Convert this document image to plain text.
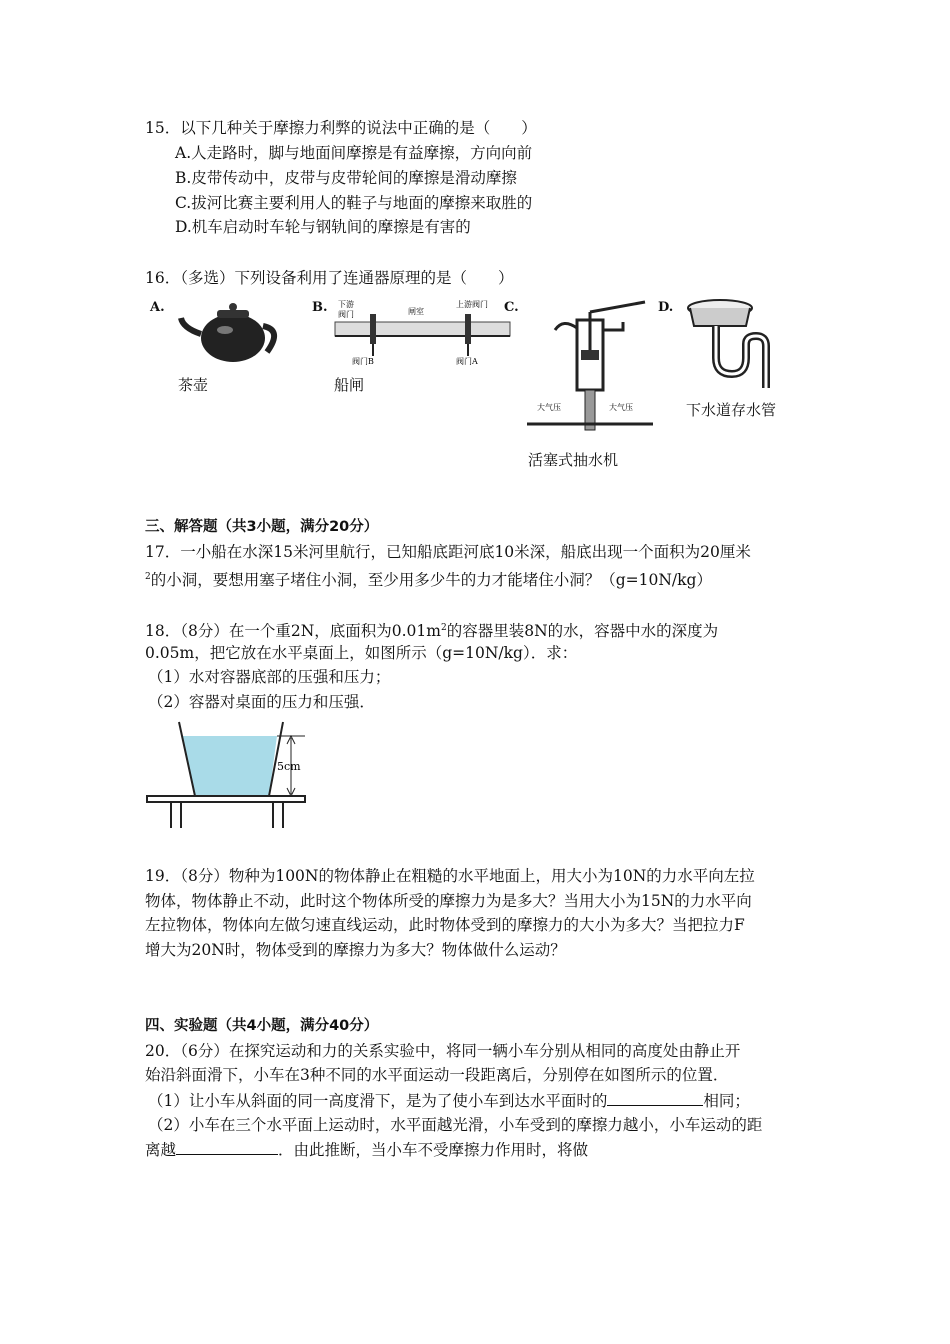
15．以下几种关于摩擦力利弊的说法中正确的是（　　）
A.人走路时，脚与地面间摩擦是有益摩擦，方向向前
B.皮带传动中，皮带与皮带轮间的摩擦是滑动摩擦
C.拔河比赛主要利用人的鞋子与地面的摩擦来取胜的
D.机车启动时车轮与钢轨间的摩擦是有害的
16．（多选）下列设备利用了连通器原理的是（　　）
A.
茶壶
B. 下游
阀门	闸室
上游阀门
阀门B	阀门A
C.
船闸
大气压	大气压
活塞式抽水机
D.
下水道存水管
三、解答题（共3小题，满分20分）
17．一小船在水深15米河里航行，已知船底距河底10米深，船底出现一个面积为20厘米
$^2$的小洞，要想用塞子堵住小洞，至少用多少牛的力才能堵住小洞？（g=10N/kg）
18．（8分）在一个重2N，底面积为$0.01m^2$的容器里装8N的水，容器中水的深度为
0.05m，把它放在水平桌面上，如图所示（g=10N/kg）．求：
（1）水对容器底部的压强和压力；
（2）容器对桌面的压力和压强．
5cm
19．（8分）物种为100N的物体静止在粗糙的水平地面上，用大小为10N的力水平向左拉
物体，物体静止不动，此时这个物体所受的摩擦力为是多大？当用大小为15N的力水平向
左拉物体，物体向左做匀速直线运动，此时物体受到的摩擦力的大小为多大？当把拉力F
增大为20N时，物体受到的摩擦力为多大？物体做什么运动？
四、实验题（共4小题，满分40分）
20．（6分）在探究运动和力的关系实验中，将同一辆小车分别从相同的高度处由静止开
始沿斜面滑下，小车在3种不同的水平面运动一段距离后，分别停在如图所示的位置．
（1）让小车从斜面的同一高度滑下，是为了使小车到达水平面时的	相同；
（2）小车在三个水平面上运动时，水平面越光滑，小车受到的摩擦力越小，小车运动的距
离越	．由此推断，当小车不受摩擦力作用时，将做
